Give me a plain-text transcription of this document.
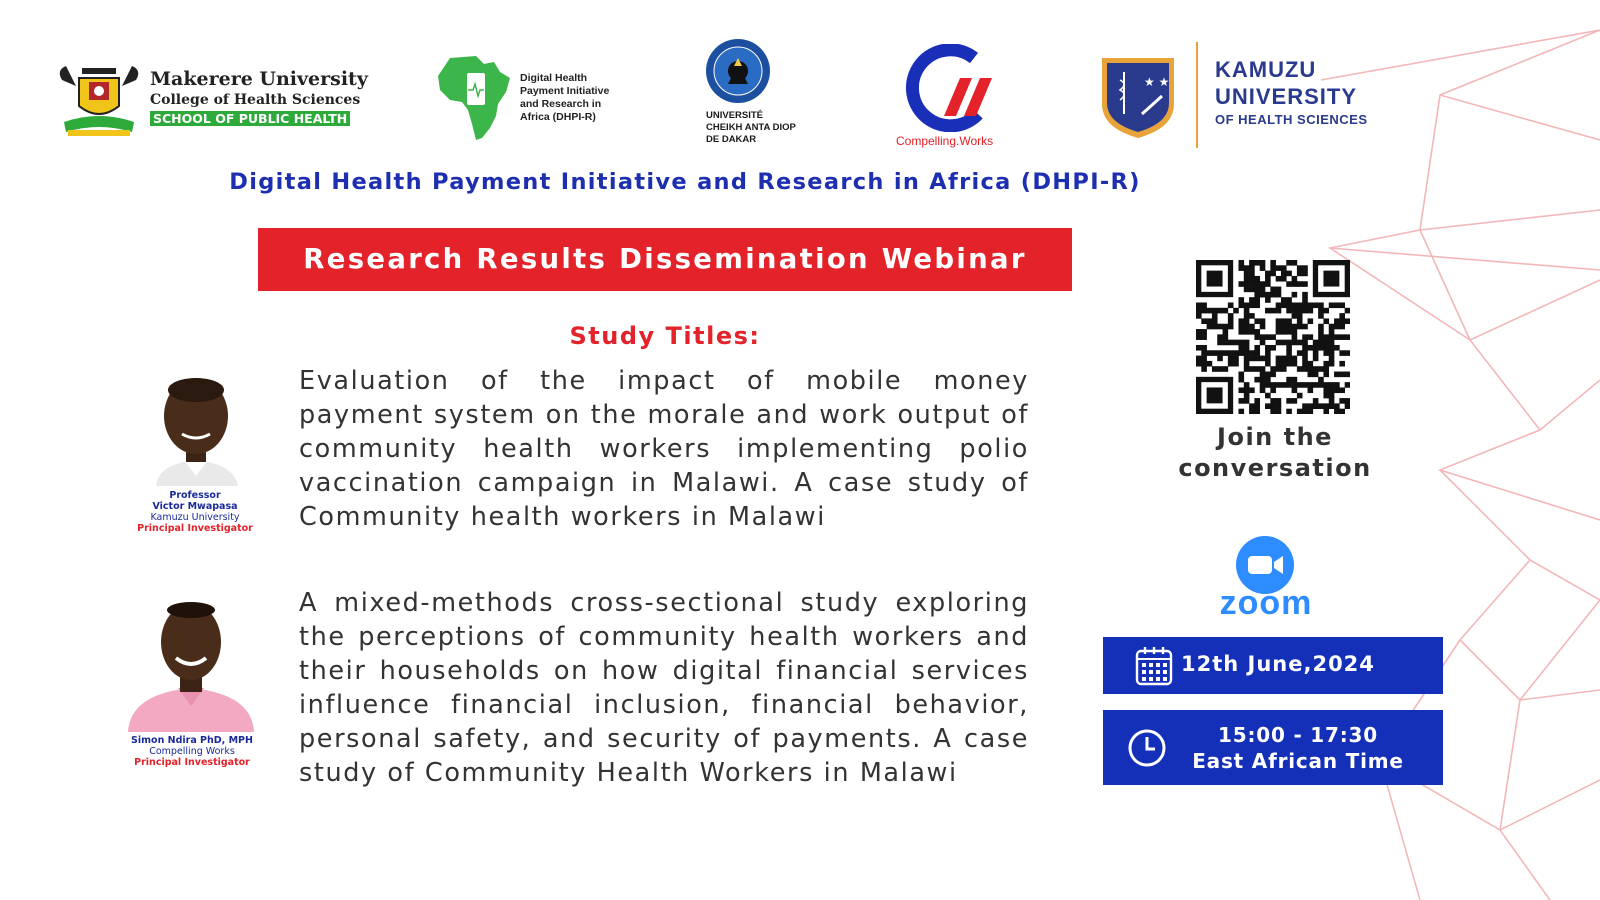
Makerere University
College of Health Sciences
SCHOOL OF PUBLIC HEALTH
Digital Health
Payment Initiative
and Research in
Africa (DHPI-R)	UNIVERSITÉ
CHEIKH ANTA DIOP
DE DAKAR	Compelling.Works
★ ★ KAMUZU
UNIVERSITY
OF HEALTH SCIENCES
Digital Health Payment Initiative and Research in Africa (DHPI-R)
Research Results Dissemination Webinar
Study Titles:
Professor
Victor Mwapasa
Kamuzu University
Principal Investigator
Evaluation of the impact of mobile money payment system on the morale and work output of community health workers implementing polio vaccination campaign in Malawi. A case study of Community health workers in Malawi
Simon Ndira PhD, MPH
Compelling Works
Principal Investigator
A mixed-methods cross-sectional study exploring the perceptions of community health workers and their households on how digital financial services influence financial inclusion, financial behavior, personal safety, and security of payments. A case study of Community Health Workers in Malawi
Join the
conversation
zoom
12th June,2024
15:00 - 17:30
East African Time
